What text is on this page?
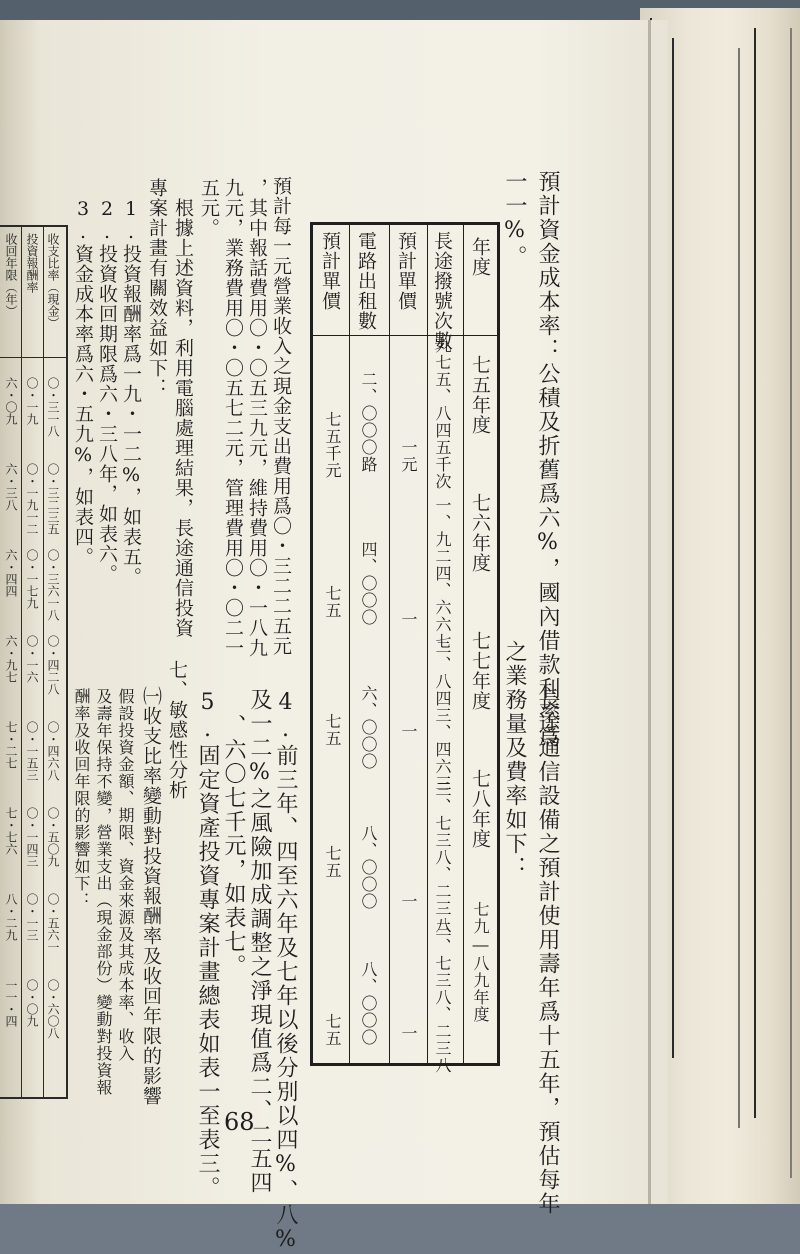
預計資金成本率：公積及折舊爲六%，國內借款利率爲
一一%。
長途通信設備之預計使用壽年爲十五年，預估每年
之業務量及費率如下：
年度
長途撥號次數
預計單價
電路出租數
預計單價
七五年度
七六年度
七七年度
七八年度
七九―八九年度
九七五、八四五千次
一、九二四、六六七
二、八四三、四六三
三、七三八、二三八
三、七三八、二三八
一元
一
一
一
一
二、〇〇〇路
四、〇〇〇
六、〇〇〇
八、〇〇〇
八、〇〇〇
七五千元
七五
七五
七五
七五
4.前三年、四至六年及七年以後分別以四%、八%
及一二%之風險加成調整之淨現值爲二、二五四
、六〇七千元，如表七。
5.固定資產投資專案計畫總表如表一至表三。
七、敏感性分析
㈠收支比率變動對投資報酬率及收回年限的影響
假設投資金額、期限、資金來源及其成本率、收入
及壽年保持不變，營業支出（現金部份）變動對投資報
酬率及收回年限的影響如下：
預計每一元營業收入之現金支出費用爲〇・三二二五元
，其中報話費用〇・〇五三九元，維持費用〇・一八九
九元，業務費用〇・〇五七二元，管理費用〇・〇二一
五元。
根據上述資料，利用電腦處理結果，長途通信投資
專案計畫有關效益如下：
1.投資報酬率爲一九・一二%，如表五。
2.投資收回期限爲六・三八年，如表六。
3.資金成本率爲六・五九%，如表四。
收支比率（現金）
投資報酬率
收回年限（年）
〇・三一八
〇・一九
六・〇九
〇・三二三五
〇・一九一二
六・三八
〇・三六一八
〇・一七九
六・四四
〇・四二八
〇・一六
六・九七
〇・四六八
〇・一五三
七・二七
〇・五〇九
〇・一四三
七・七六
〇・五六一
〇・一三
八・二九
〇・六〇八
〇・〇九
一一・四
68
